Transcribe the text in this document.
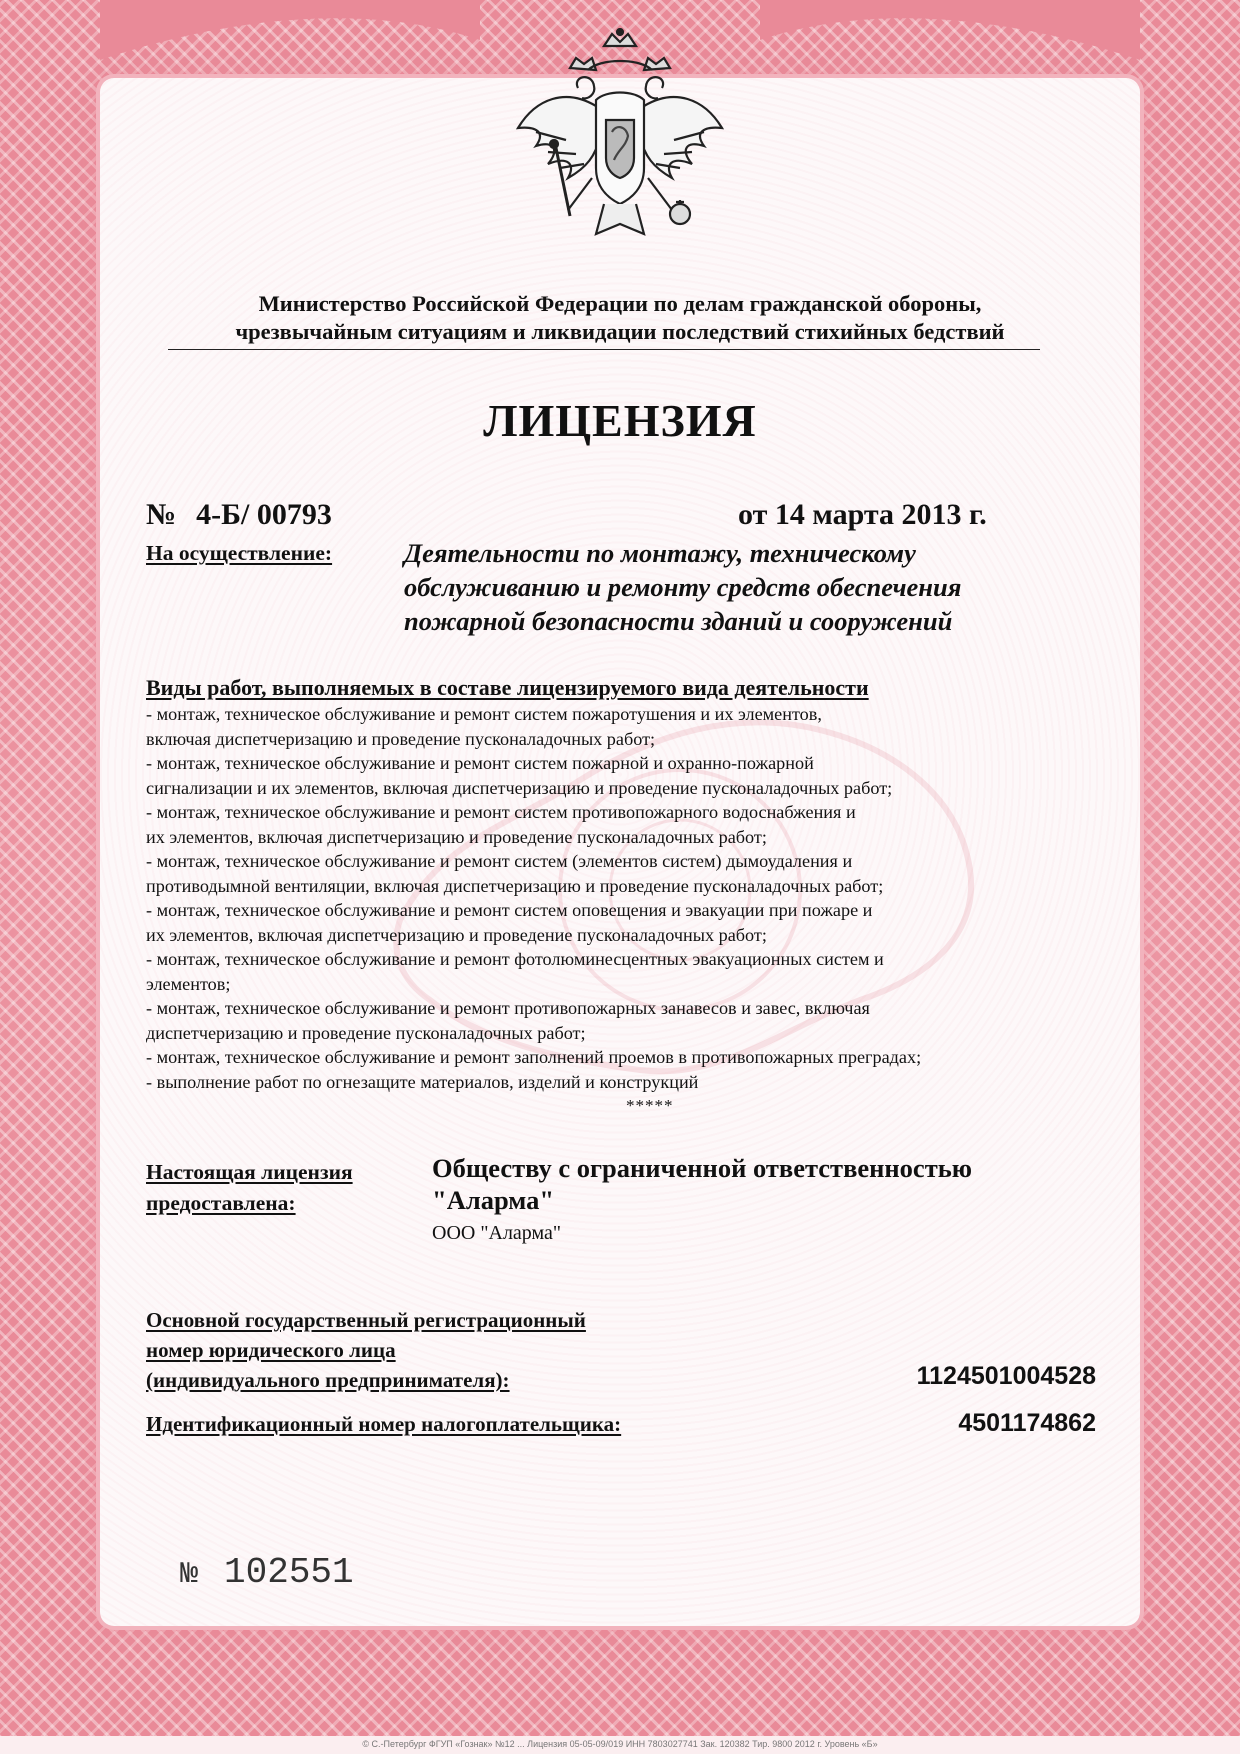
Министерство Российской Федерации по делам гражданской обороны,
чрезвычайным ситуациям и ликвидации последствий стихийных бедствий
ЛИЦЕНЗИЯ
№ 4-Б/ 00793	от 14 марта 2013 г.
На осуществление:	Деятельности по монтажу, техническому обслуживанию и ремонту средств обеспечения пожарной безопасности зданий и сооружений
Виды работ, выполняемых в составе лицензируемого вида деятельности
- монтаж, техническое обслуживание и ремонт систем пожаротушения и их элементов,
включая диспетчеризацию и проведение пусконаладочных работ;
- монтаж, техническое обслуживание и ремонт систем пожарной и охранно-пожарной
сигнализации и их элементов, включая диспетчеризацию и проведение пусконаладочных работ;
- монтаж, техническое обслуживание и ремонт систем противопожарного водоснабжения и
их элементов, включая диспетчеризацию и проведение пусконаладочных работ;
- монтаж, техническое обслуживание и ремонт систем (элементов систем) дымоудаления и
противодымной вентиляции, включая диспетчеризацию и проведение пусконаладочных работ;
- монтаж, техническое обслуживание и ремонт систем оповещения и эвакуации при пожаре и
их элементов, включая диспетчеризацию и проведение пусконаладочных работ;
- монтаж, техническое обслуживание и ремонт фотолюминесцентных эвакуационных систем и
элементов;
- монтаж, техническое обслуживание и ремонт противопожарных занавесов и завес, включая
диспетчеризацию и проведение пусконаладочных работ;
- монтаж, техническое обслуживание и ремонт заполнений проемов в противопожарных преградах;
- выполнение работ по огнезащите материалов, изделий и конструкций
*****
Настоящая лицензия
предоставлена:
Обществу с ограниченной ответственностью
"Аларма"
ООО "Аларма"
Основной государственный регистрационный
номер юридического лица
(индивидуального предпринимателя):	1124501004528
Идентификационный номер налогоплательщика:	4501174862
№ 102551
© С.-Петербург ФГУП «Гознак» №12 ... Лицензия 05-05-09/019 ИНН 7803027741 Зак. 120382 Тир. 9800 2012 г. Уровень «Б»
